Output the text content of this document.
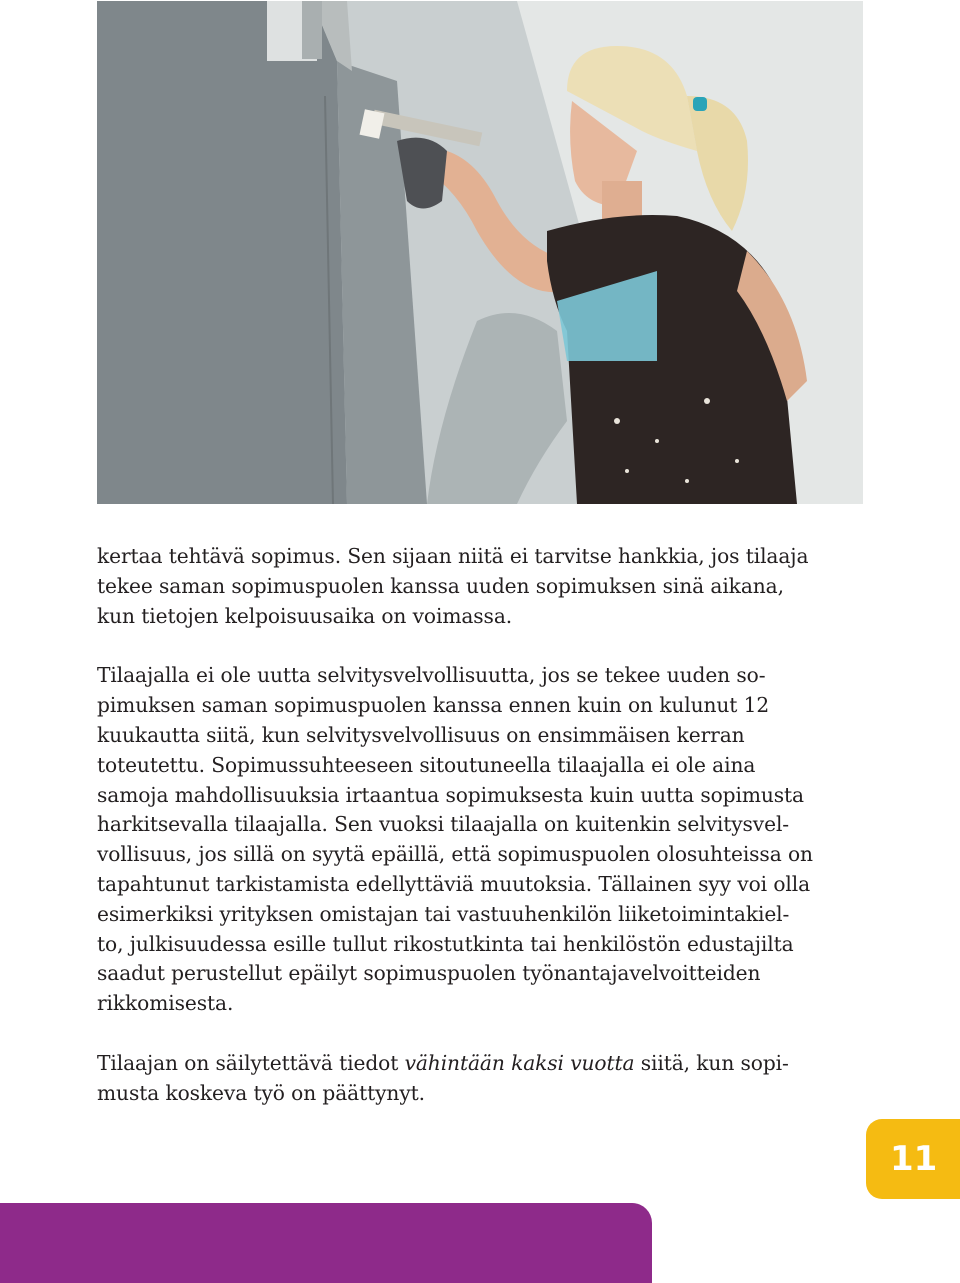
kertaa tehtävä sopimus. Sen sijaan niitä ei tarvitse hankkia, jos tilaaja
tekee saman sopimuspuolen kanssa uuden sopimuksen sinä aikana,
kun tietojen kelpoisuusaika on voimassa.

Tilaajalla ei ole uutta selvitysvelvollisuutta, jos se tekee uuden so-
pimuksen saman sopimuspuolen kanssa ennen kuin on kulunut 12
kuukautta siitä, kun selvitysvelvollisuus on ensimmäisen kerran
toteutettu. Sopimussuhteeseen sitoutuneella tilaajalla ei ole aina
samoja mahdollisuuksia irtaantua sopimuksesta kuin uutta sopimusta
harkitsevalla tilaajalla. Sen vuoksi tilaajalla on kuitenkin selvitysvel-
vollisuus, jos sillä on syytä epäillä, että sopimuspuolen olosuhteissa on
tapahtunut tarkistamista edellyttäviä muutoksia. Tällainen syy voi olla
esimerkiksi yrityksen omistajan tai vastuuhenkilön liiketoimintakiel-
to, julkisuudessa esille tullut rikostutkinta tai henkilöstön edustajilta
saadut perustellut epäilyt sopimuspuolen työnantajavelvoitteiden
rikkomisesta.

Tilaajan on säilytettävä tiedot vähintään kaksi vuotta siitä, kun sopi-
musta koskeva työ on päättynyt.

11
